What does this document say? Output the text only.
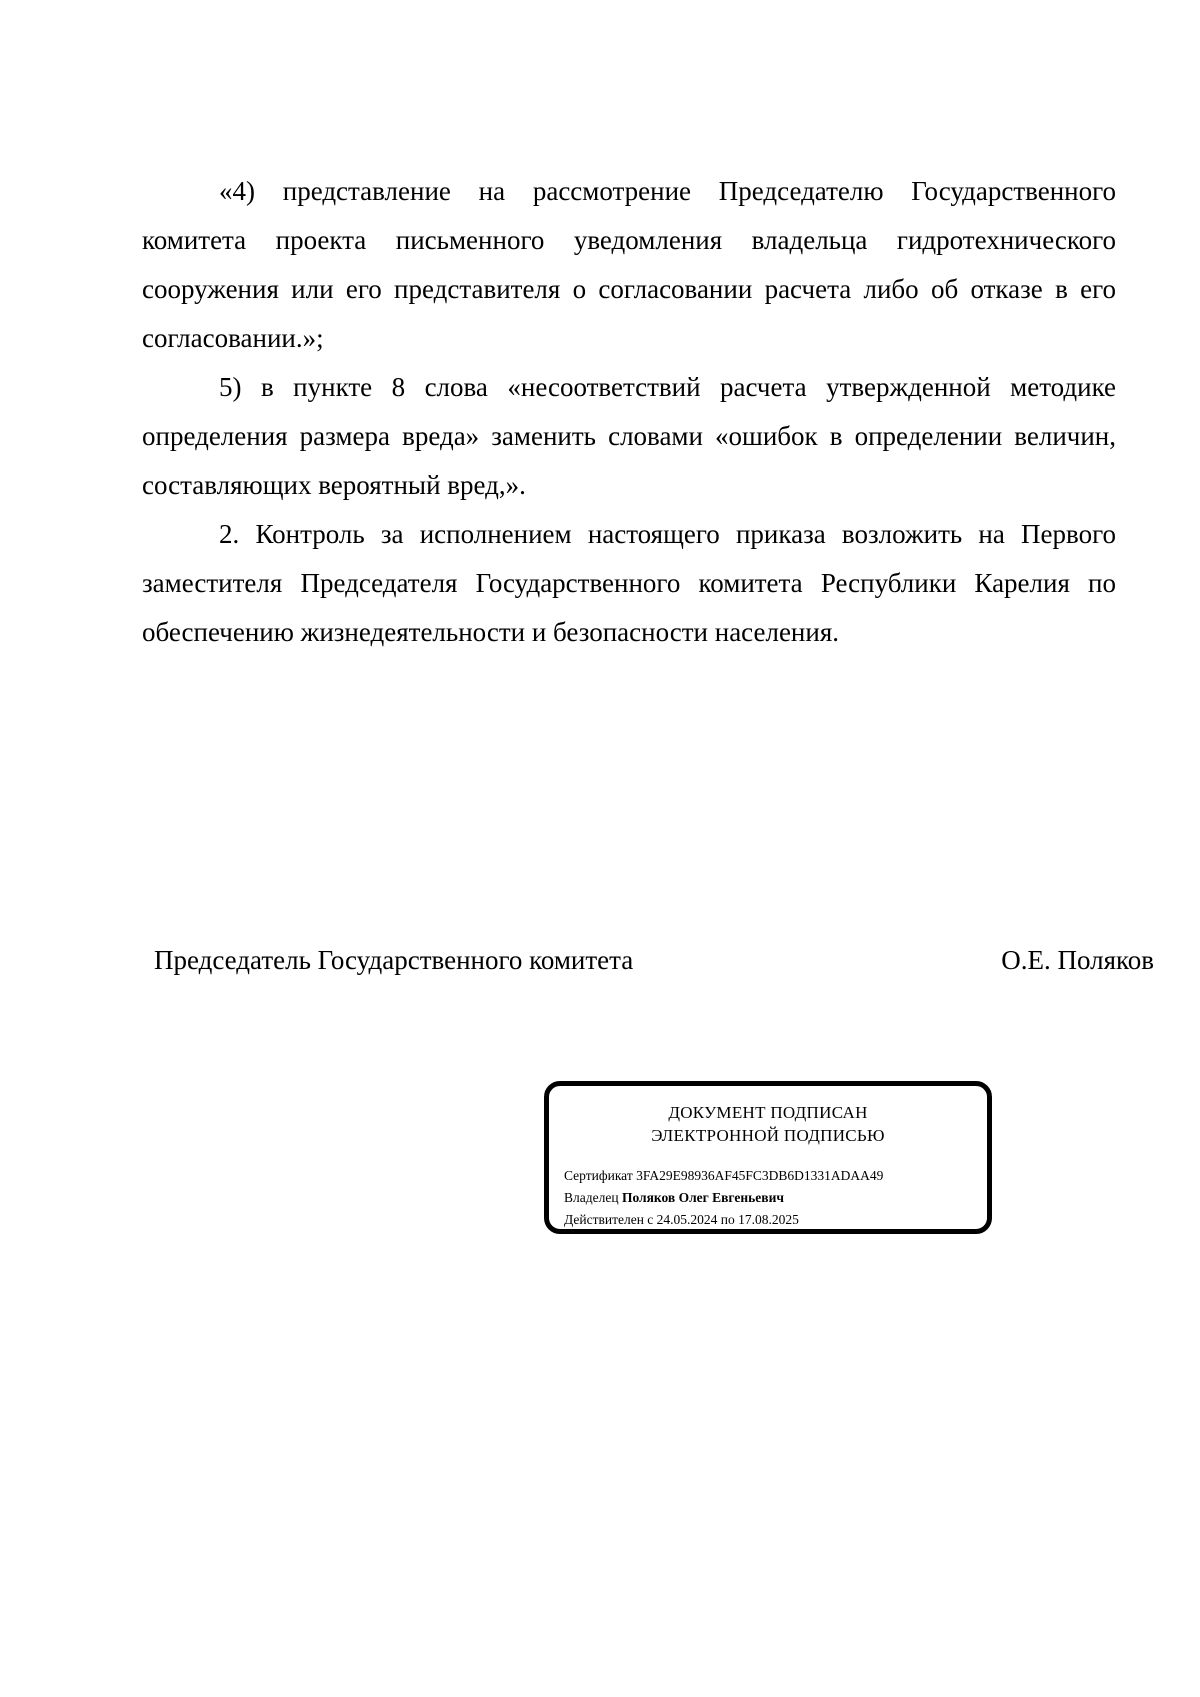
«4) представление на рассмотрение Председателю Государственного комитета проекта письменного уведомления владельца гидротехнического сооружения или его представителя о согласовании расчета либо об отказе в его согласовании.»;

5) в пункте 8 слова «несоответствий расчета утвержденной методике определения размера вреда» заменить словами «ошибок в определении величин, составляющих вероятный вред,».

2. Контроль за исполнением настоящего приказа возложить на Первого заместителя Председателя Государственного комитета Республики Карелия по обеспечению жизнедеятельности и безопасности населения.

Председатель Государственного комитета	О.Е. Поляков
ДОКУМЕНТ ПОДПИСАН
ЭЛЕКТРОННОЙ ПОДПИСЬЮ
Сертификат 3FA29E98936AF45FC3DB6D1331ADAA49
Владелец Поляков Олег Евгеньевич
Действителен с 24.05.2024 по 17.08.2025
